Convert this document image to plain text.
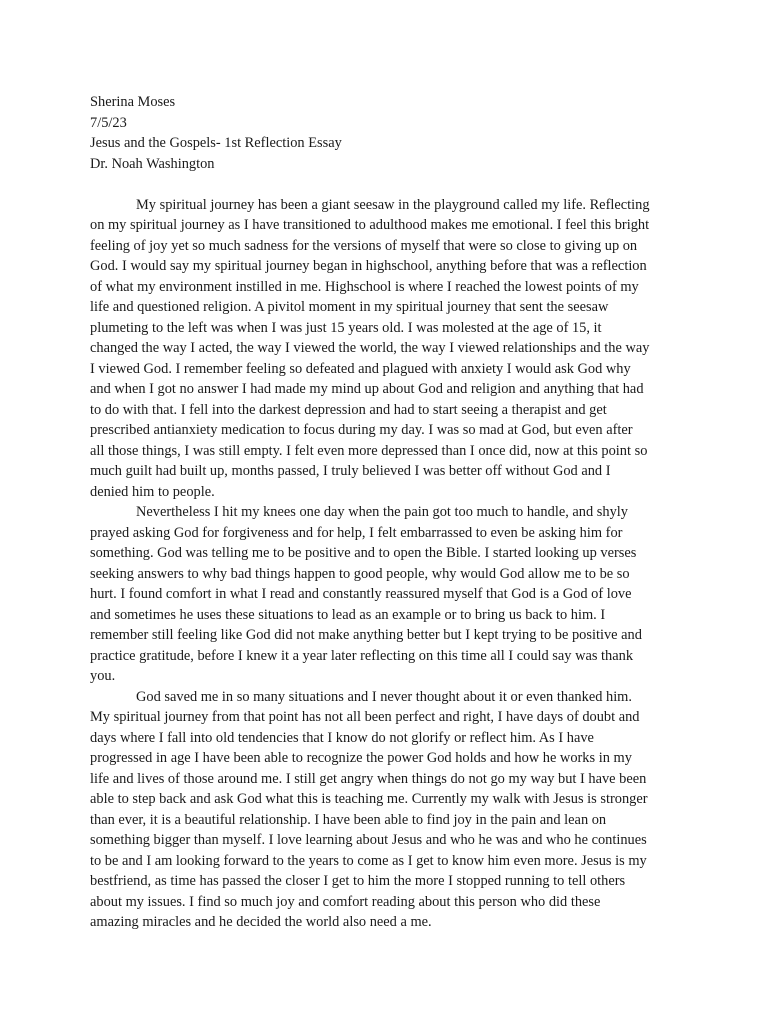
Sherina Moses
7/5/23
Jesus and the Gospels- 1st Reflection Essay
Dr. Noah Washington
My spiritual journey has been a giant seesaw in the playground called my life. Reflecting
on my spiritual journey as I have transitioned to adulthood makes me emotional. I feel this bright
feeling of joy yet so much sadness for the versions of myself that were so close to giving up on
God. I would say my spiritual journey began in highschool, anything before that was a reflection
of what my environment instilled in me. Highschool is where I reached the lowest points of my
life and questioned religion. A pivitol moment in my spiritual journey that sent the seesaw
plumeting to the left was when I was just 15 years old. I was molested at the age of 15, it
changed the way I acted, the way I viewed the world, the way I viewed relationships and the way
I viewed God. I remember feeling so defeated and plagued with anxiety I would ask God why
and when I got no answer I had made my mind up about God and religion and anything that had
to do with that. I fell into the darkest depression and had to start seeing a therapist and get
prescribed antianxiety medication to focus during my day. I was so mad at God, but even after
all those things, I was still empty. I felt even more depressed than I once did, now at this point so
much guilt had built up, months passed, I truly believed I was better off without God and I
denied him to people.
Nevertheless I hit my knees one day when the pain got too much to handle, and shyly
prayed asking God for forgiveness and for help, I felt embarrassed to even be asking him for
something. God was telling me to be positive and to open the Bible. I started looking up verses
seeking answers to why bad things happen to good people, why would God allow me to be so
hurt. I found comfort in what I read and constantly reassured myself that God is a God of love
and sometimes he uses these situations to lead as an example or to bring us back to him. I
remember still feeling like God did not make anything better but I kept trying to be positive and
practice gratitude, before I knew it a year later reflecting on this time all I could say was thank
you.
God saved me in so many situations and I never thought about it or even thanked him.
My spiritual journey from that point has not all been perfect and right, I have days of doubt and
days where I fall into old tendencies that I know do not glorify or reflect him. As I have
progressed in age I have been able to recognize the power God holds and how he works in my
life and lives of those around me. I still get angry when things do not go my way but I have been
able to step back and ask God what this is teaching me. Currently my walk with Jesus is stronger
than ever, it is a beautiful relationship. I have been able to find joy in the pain and lean on
something bigger than myself. I love learning about Jesus and who he was and who he continues
to be and I am looking forward to the years to come as I get to know him even more. Jesus is my
bestfriend, as time has passed the closer I get to him the more I stopped running to tell others
about my issues. I find so much joy and comfort reading about this person who did these
amazing miracles and he decided the world also need a me.
